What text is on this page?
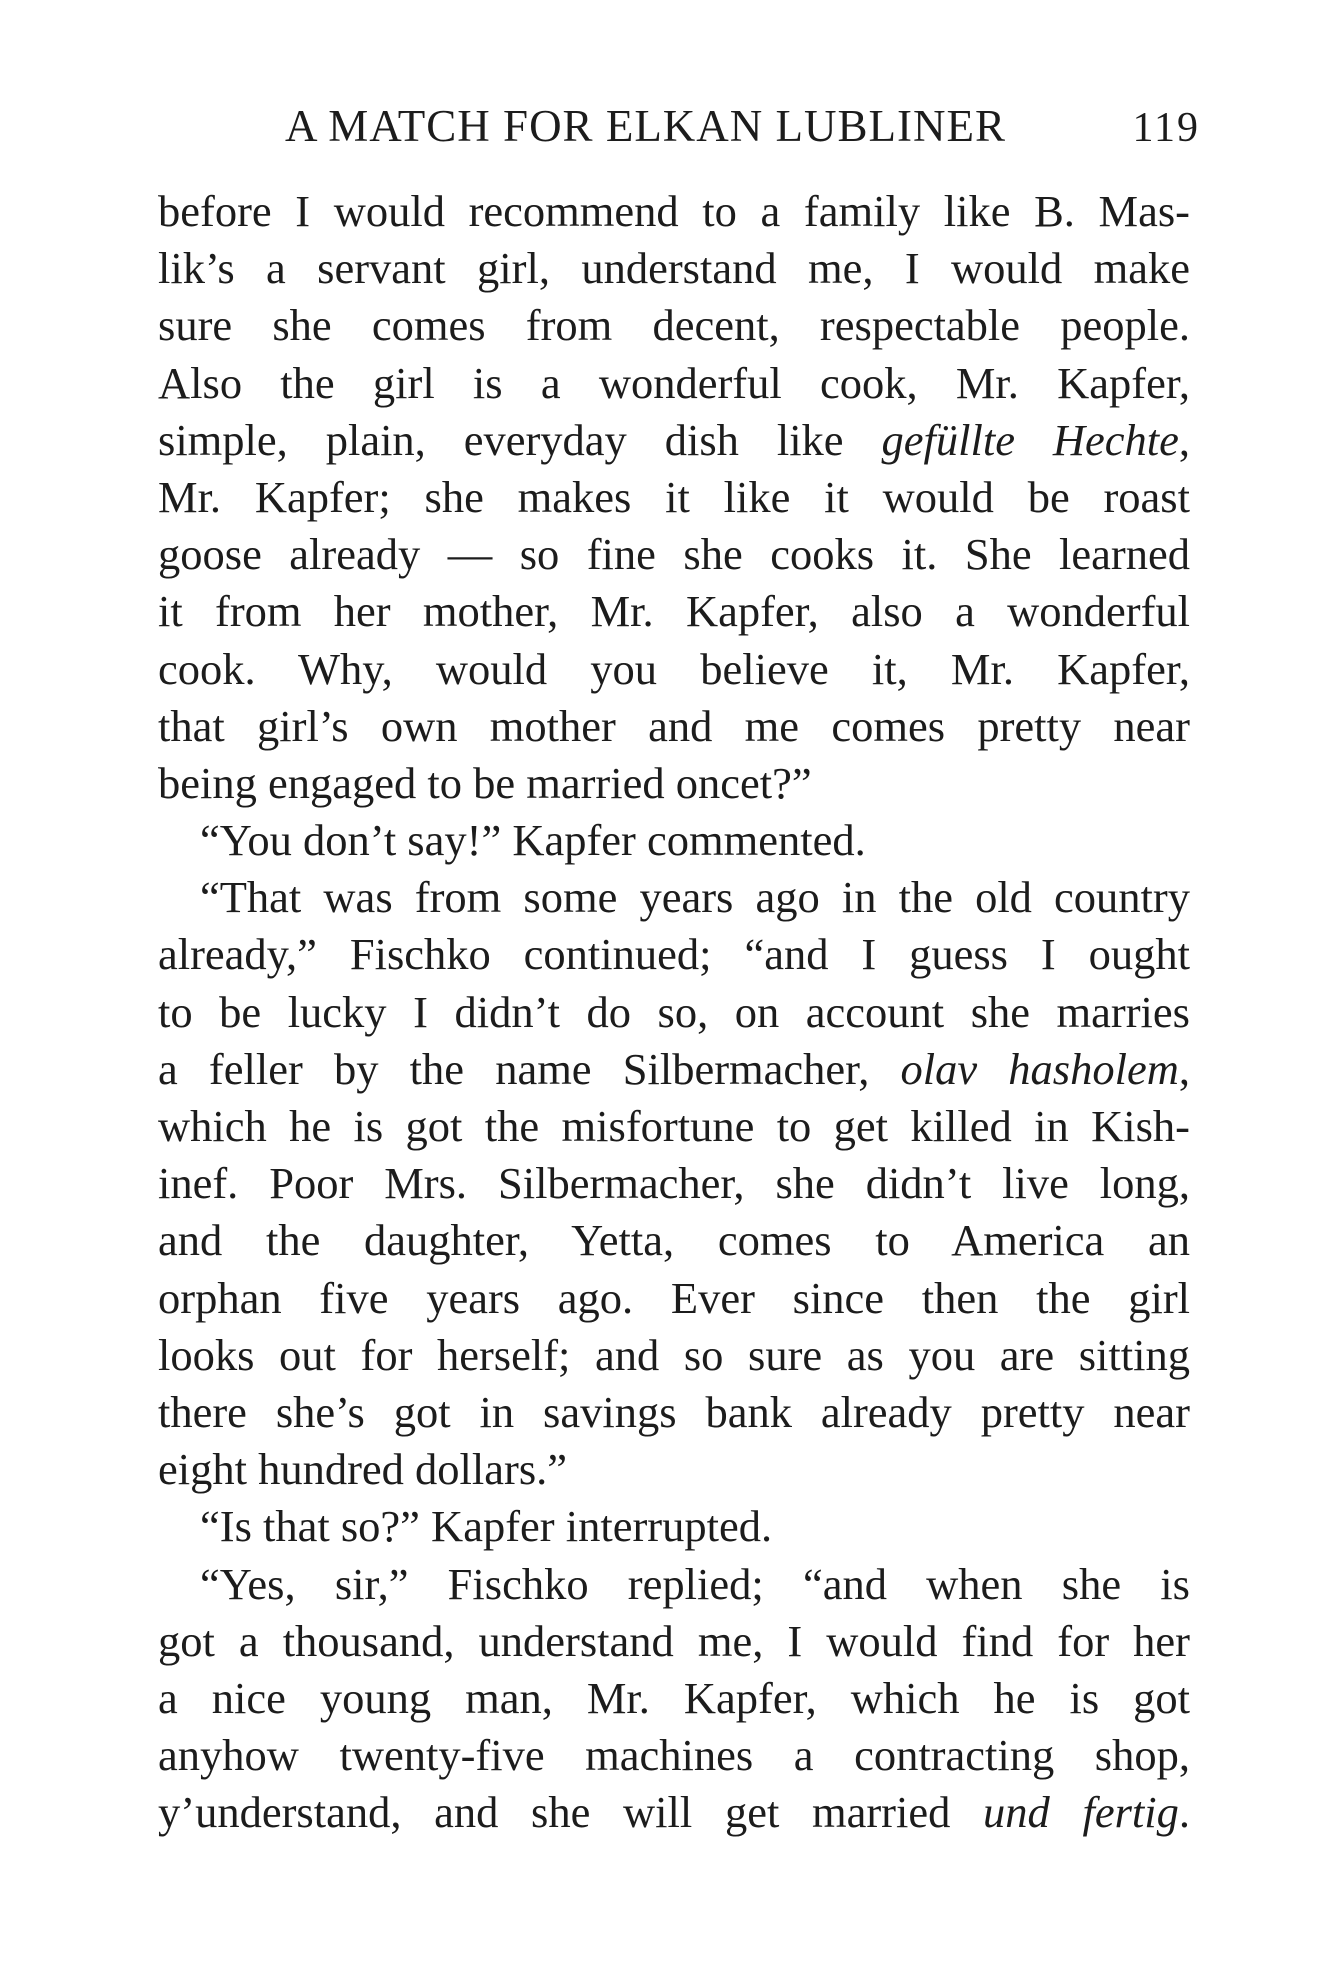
A MATCH FOR ELKAN LUBLINER	119
before I would recommend to a family like B. Mas-
lik’s a servant girl, understand me, I would make
sure she comes from decent, respectable people.
Also the girl is a wonderful cook, Mr. Kapfer,
simple, plain, everyday dish like gefüllte Hechte,
Mr. Kapfer; she makes it like it would be roast
goose already — so fine she cooks it. She learned
it from her mother, Mr. Kapfer, also a wonderful
cook. Why, would you believe it, Mr. Kapfer,
that girl’s own mother and me comes pretty near
being engaged to be married oncet?”
“You don’t say!” Kapfer commented.
“That was from some years ago in the old country
already,” Fischko continued; “and I guess I ought
to be lucky I didn’t do so, on account she marries
a feller by the name Silbermacher, olav hasholem,
which he is got the misfortune to get killed in Kish-
inef. Poor Mrs. Silbermacher, she didn’t live long,
and the daughter, Yetta, comes to America an
orphan five years ago. Ever since then the girl
looks out for herself; and so sure as you are sitting
there she’s got in savings bank already pretty near
eight hundred dollars.”
“Is that so?” Kapfer interrupted.
“Yes, sir,” Fischko replied; “and when she is
got a thousand, understand me, I would find for her
a nice young man, Mr. Kapfer, which he is got
anyhow twenty-five machines a contracting shop,
y’understand, and she will get married und fertig.
